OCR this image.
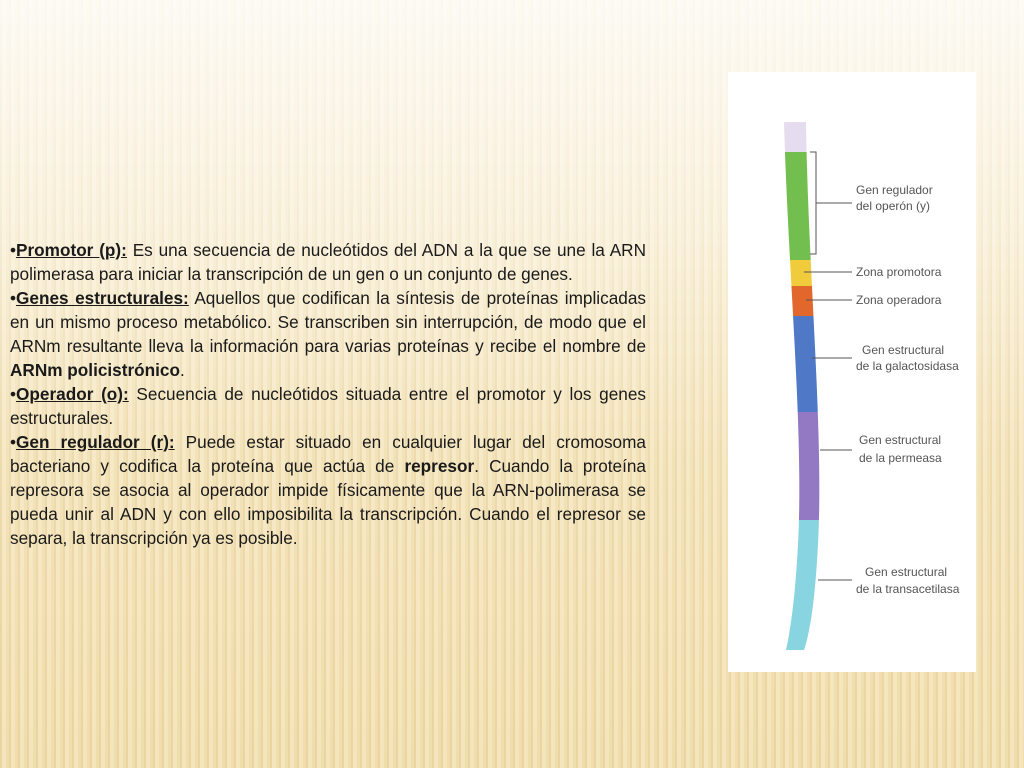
•Promotor (p): Es una secuencia de nucleótidos del ADN a la que se une la ARN polimerasa para iniciar la transcripción de un gen o un conjunto de genes.

•Genes estructurales: Aquellos que codifican la síntesis de proteínas implicadas en un mismo proceso metabólico. Se transcriben sin interrupción, de modo que el ARNm resultante lleva la información para varias proteínas y recibe el nombre de ARNm policistrónico.

•Operador (o): Secuencia de nucleótidos situada entre el promotor y los genes estructurales.

•Gen regulador (r): Puede estar situado en cualquier lugar del cromosoma bacteriano y codifica la proteína que actúa de represor. Cuando la proteína represora se asocia al operador impide físicamente que la ARN-polimerasa se pueda unir al ADN y con ello imposibilita la transcripción. Cuando el represor se separa, la transcripción ya es posible.

Gen regulador
del operón (y)
Zona promotora
Zona operadora
Gen estructural
de la galactosidasa
Gen estructural
de la permeasa
Gen estructural
de la transacetilasa
